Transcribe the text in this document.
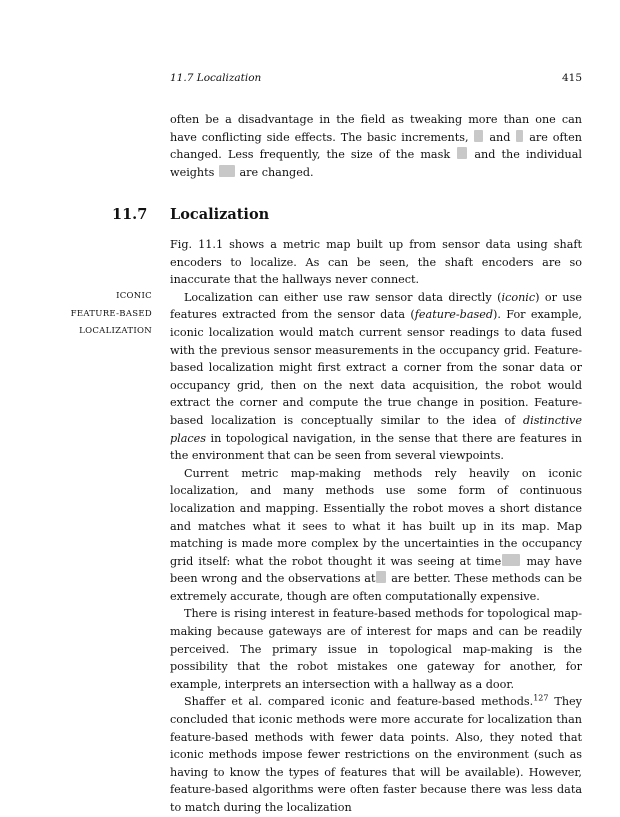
11.7 Localization	415

often be a disadvantage in the field as tweaking more than one can have conflicting side effects. The basic increments,  and  are often changed. Less frequently, the size of the mask  and the individual weights  are changed.

11.7 Localization
ICONIC
FEATURE-BASED
LOCALIZATION

Fig. 11.1 shows a metric map built up from sensor data using shaft encoders to localize. As can be seen, the shaft encoders are so inaccurate that the hallways never connect.

Localization can either use raw sensor data directly (iconic) or use features extracted from the sensor data (feature-based). For example, iconic localization would match current sensor readings to data fused with the previous sensor measurements in the occupancy grid. Feature-based localization might first extract a corner from the sonar data or occupancy grid, then on the next data acquisition, the robot would extract the corner and compute the true change in position. Feature-based localization is conceptually similar to the idea of distinctive places in topological navigation, in the sense that there are features in the environment that can be seen from several viewpoints.

Current metric map-making methods rely heavily on iconic localization, and many methods use some form of continuous localization and mapping. Essentially the robot moves a short distance and matches what it sees to what it has built up in its map. Map matching is made more complex by the uncertainties in the occupancy grid itself: what the robot thought it was seeing at time may have been wrong and the observations at are better. These methods can be extremely accurate, though are often computationally expensive.

There is rising interest in feature-based methods for topological map-making because gateways are of interest for maps and can be readily perceived. The primary issue in topological map-making is the possibility that the robot mistakes one gateway for another, for example, interprets an intersection with a hallway as a door.

Shaffer et al. compared iconic and feature-based methods.$^{127}$ They concluded that iconic methods were more accurate for localization than feature-based methods with fewer data points. Also, they noted that iconic methods impose fewer restrictions on the environment (such as having to know the types of features that will be available). However, feature-based algorithms were often faster because there was less data to match during the localization
